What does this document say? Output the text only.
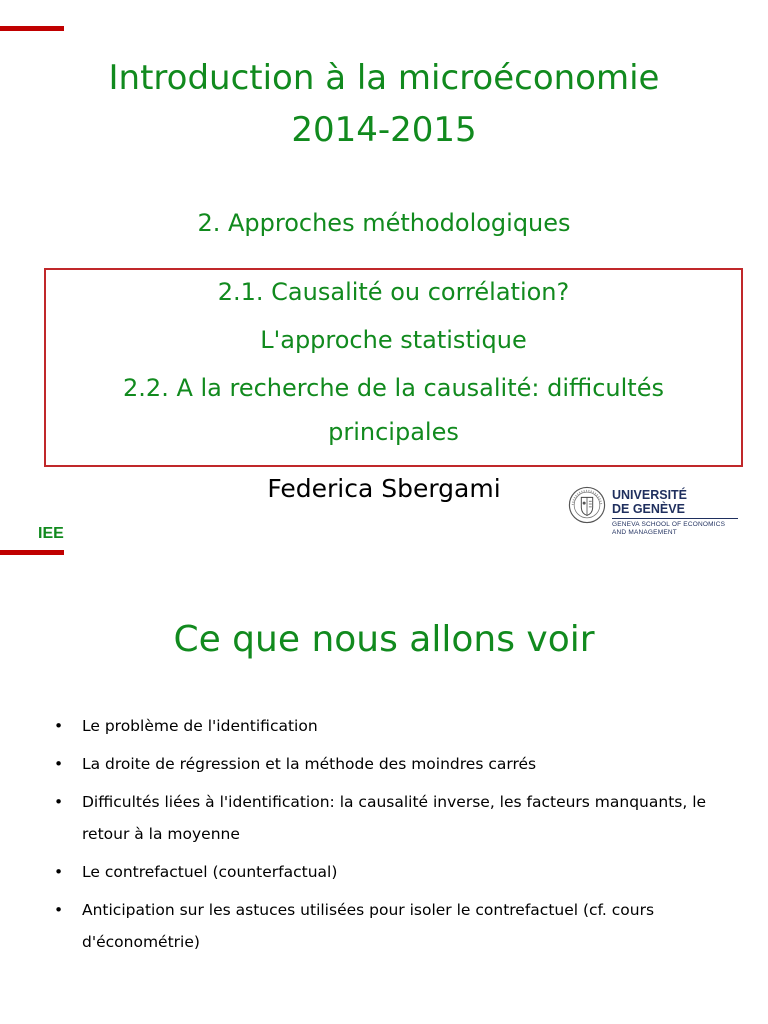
Introduction à la microéconomie
2014-2015
2. Approches méthodologiques
2.1. Causalité ou corrélation?
L'approche statistique
2.2. A la recherche de la causalité: difficultés
principales
Federica Sbergami
IEE
UNIVERSITÉ
DE GENÈVE
GENEVA SCHOOL OF ECONOMICS
AND MANAGEMENT
Ce que nous allons voir
• Le problème de l'identification
• La droite de régression et la méthode des moindres carrés
• Difficultés liées à l'identification: la causalité inverse, les facteurs manquants, le retour à la moyenne
• Le contrefactuel (counterfactual)
• Anticipation sur les astuces utilisées pour isoler le contrefactuel (cf. cours d'économétrie)
